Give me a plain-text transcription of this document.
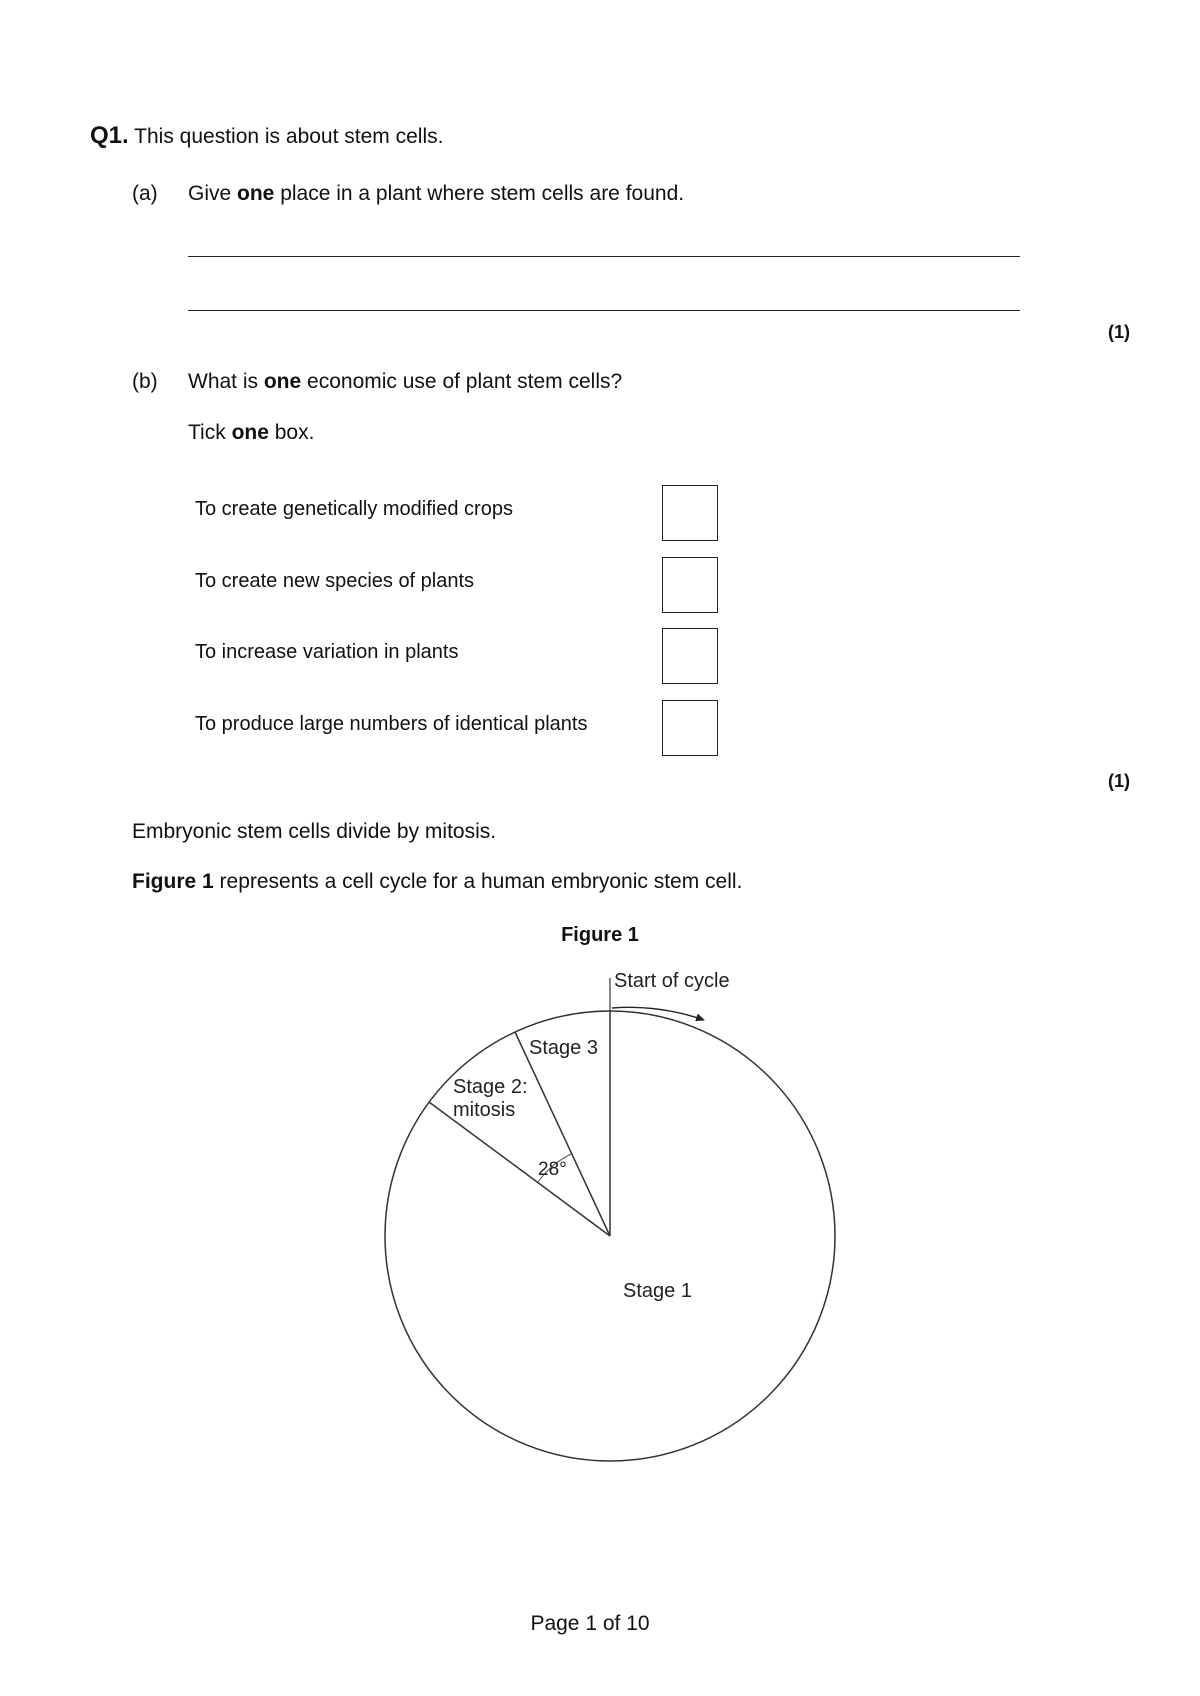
Q1. This question is about stem cells.

(a) Give one place in a plant where stem cells are found.

(1)
(b) What is one economic use of plant stem cells?

Tick one box.

To create genetically modified crops
To create new species of plants
To increase variation in plants
To produce large numbers of identical plants
(1)

Embryonic stem cells divide by mitosis.

Figure 1 represents a cell cycle for a human embryonic stem cell.

Figure 1

Start of cycle
Stage 3
Stage 2:
mitosis
28°
Stage 1

Page 1 of 10
